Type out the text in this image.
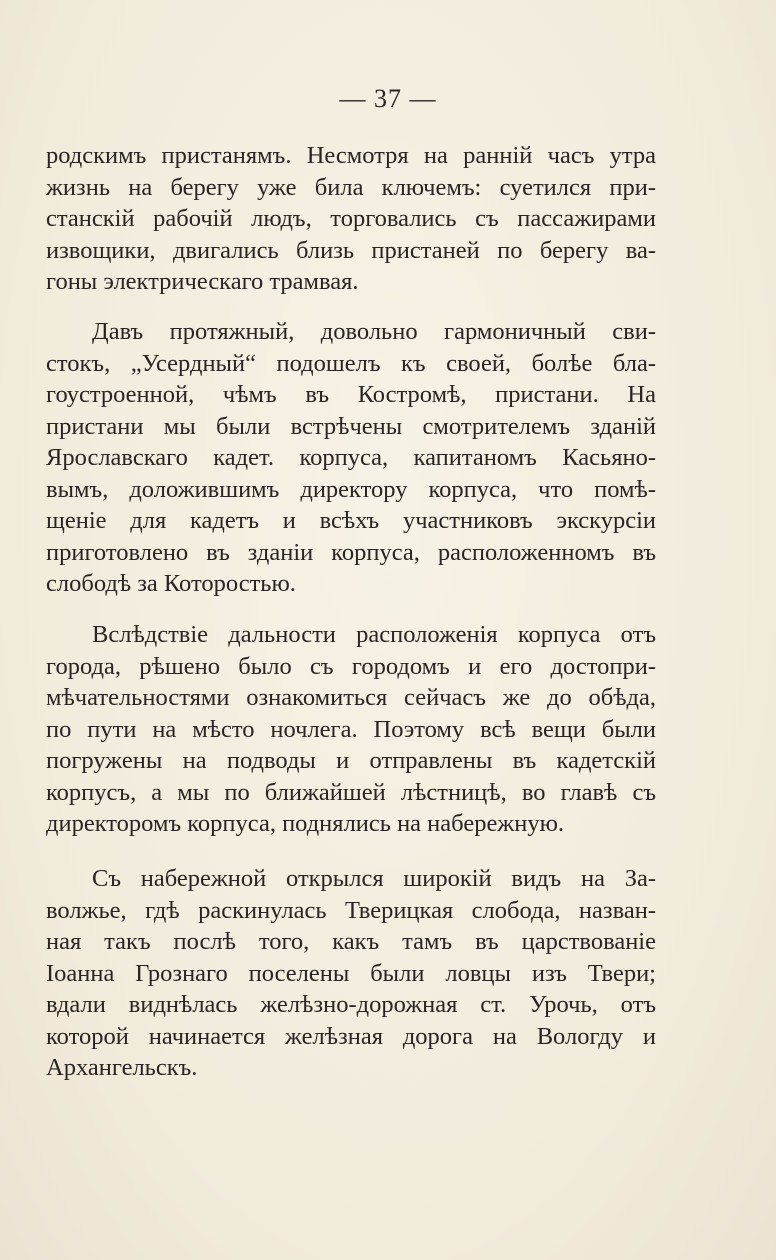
— 37 —
родскимъ пристанямъ. Несмотря на раннiй часъ утра
жизнь на берегу уже била ключемъ: суетился при-
станскiй рабочiй людъ, торговались съ пассажирами
извощики, двигались близь пристаней по берегу ва-
гоны электрическаго трамвая.
Давъ протяжный, довольно гармоничный сви-
стокъ, „Усердный“ подошелъ къ своей, болѣе бла-
гоустроенной, чѣмъ въ Костромѣ, пристани. На
пристани мы были встрѣчены смотрителемъ зданiй
Ярославскаго кадет. корпуса, капитаномъ Касьяно-
вымъ, доложившимъ директору корпуса, что помѣ-
щенiе для кадетъ и всѣхъ участниковъ экскурсiи
приготовлено въ зданiи корпуса, расположенномъ въ
слободѣ за Которостью.
Вслѣдствiе дальности расположенiя корпуса отъ
города, рѣшено было съ городомъ и его достопри-
мѣчательностями ознакомиться сейчасъ же до обѣда,
по пути на мѣсто ночлега. Поэтому всѣ вещи были
погружены на подводы и отправлены въ кадетскiй
корпусъ, а мы по ближайшей лѣстницѣ, во главѣ съ
директоромъ корпуса, поднялись на набережную.
Съ набережной открылся широкiй видъ на За-
волжье, гдѣ раскинулась Тверицкая слобода, назван-
ная такъ послѣ того, какъ тамъ въ царствованiе
Iоанна Грознаго поселены были ловцы изъ Твери;
вдали виднѣлась желѣзно-дорожная ст. Урочь, отъ
которой начинается желѣзная дорога на Вологду и
Архангельскъ.
